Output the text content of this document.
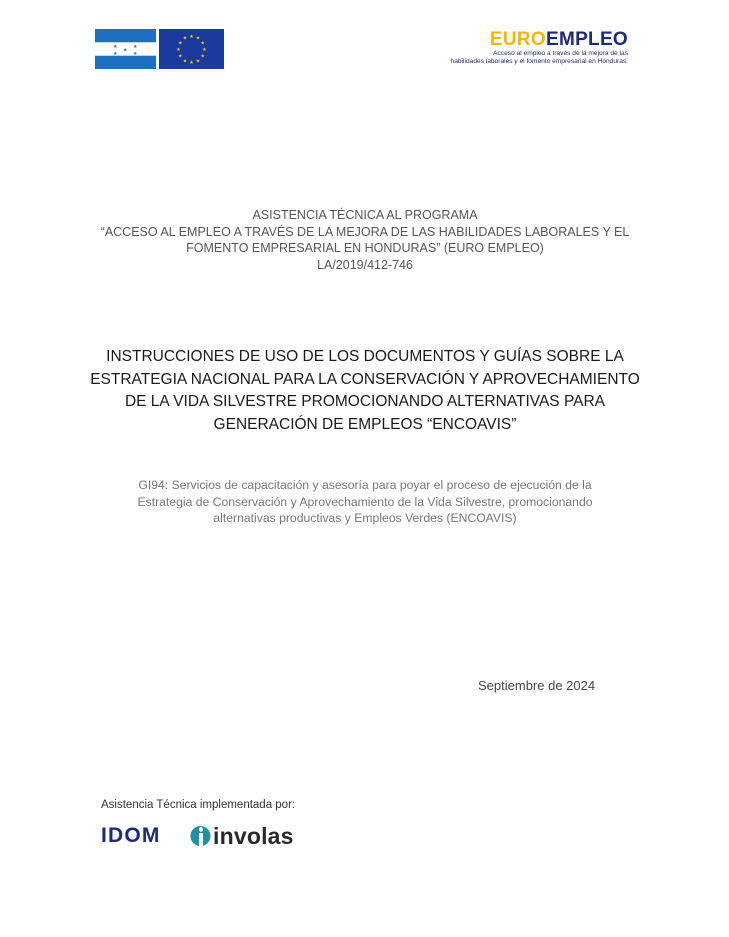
★	★
★
★	★
★
★
★
★
★
★
★
★
★ ★ ★
★	EUROEMPLEO
Acceso al empleo a través de la mejora de las
habilidades laborales y el fomento empresarial en Honduras.
ASISTENCIA TÉCNICA AL PROGRAMA
“ACCESO AL EMPLEO A TRAVÉS DE LA MEJORA DE LAS HABILIDADES LABORALES Y EL
FOMENTO EMPRESARIAL EN HONDURAS” (EURO EMPLEO)
LA/2019/412-746
INSTRUCCIONES DE USO DE LOS DOCUMENTOS Y GUÍAS SOBRE LA
ESTRATEGIA NACIONAL PARA LA CONSERVACIÓN Y APROVECHAMIENTO
DE LA VIDA SILVESTRE PROMOCIONANDO ALTERNATIVAS PARA
GENERACIÓN DE EMPLEOS “ENCOAVIS”
GI94: Servicios de capacitación y asesoría para poyar el proceso de ejecución de la
Estrategia de Conservación y Aprovechamiento de la Vida Silvestre, promocionando
alternativas productivas y Empleos Verdes (ENCOAVIS)
Septiembre de 2024
Asistencia Técnica implementada por:
IDOM involas
